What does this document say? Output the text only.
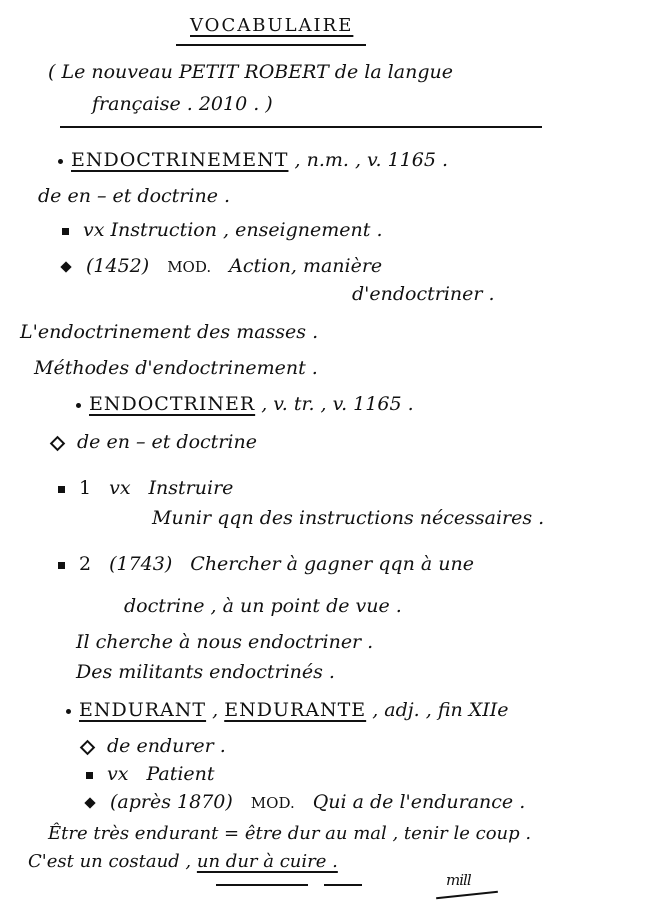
VOCABULAIRE
( Le nouveau PETIT ROBERT de la langue
française . 2010 . )
ENDOCTRINEMENT , n.m. , v. 1165 .
de en – et doctrine .
vx Instruction , enseignement .
(1452) MOD. Action, manière
d'endoctriner .
L'endoctrinement des masses .
Méthodes d'endoctrinement .
ENDOCTRINER , v. tr. , v. 1165 .
de en – et doctrine
1 vx Instruire
Munir qqn des instructions nécessaires .
2 (1743) Chercher à gagner qqn à une
doctrine , à un point de vue .
Il cherche à nous endoctriner .
Des militants endoctrinés .
ENDURANT , ENDURANTE , adj. , fin XIIe
de endurer .
vx Patient
(après 1870) MOD. Qui a de l'endurance .
Être très endurant = être dur au mal , tenir le coup .
C'est un costaud , un dur à cuire .
mill
